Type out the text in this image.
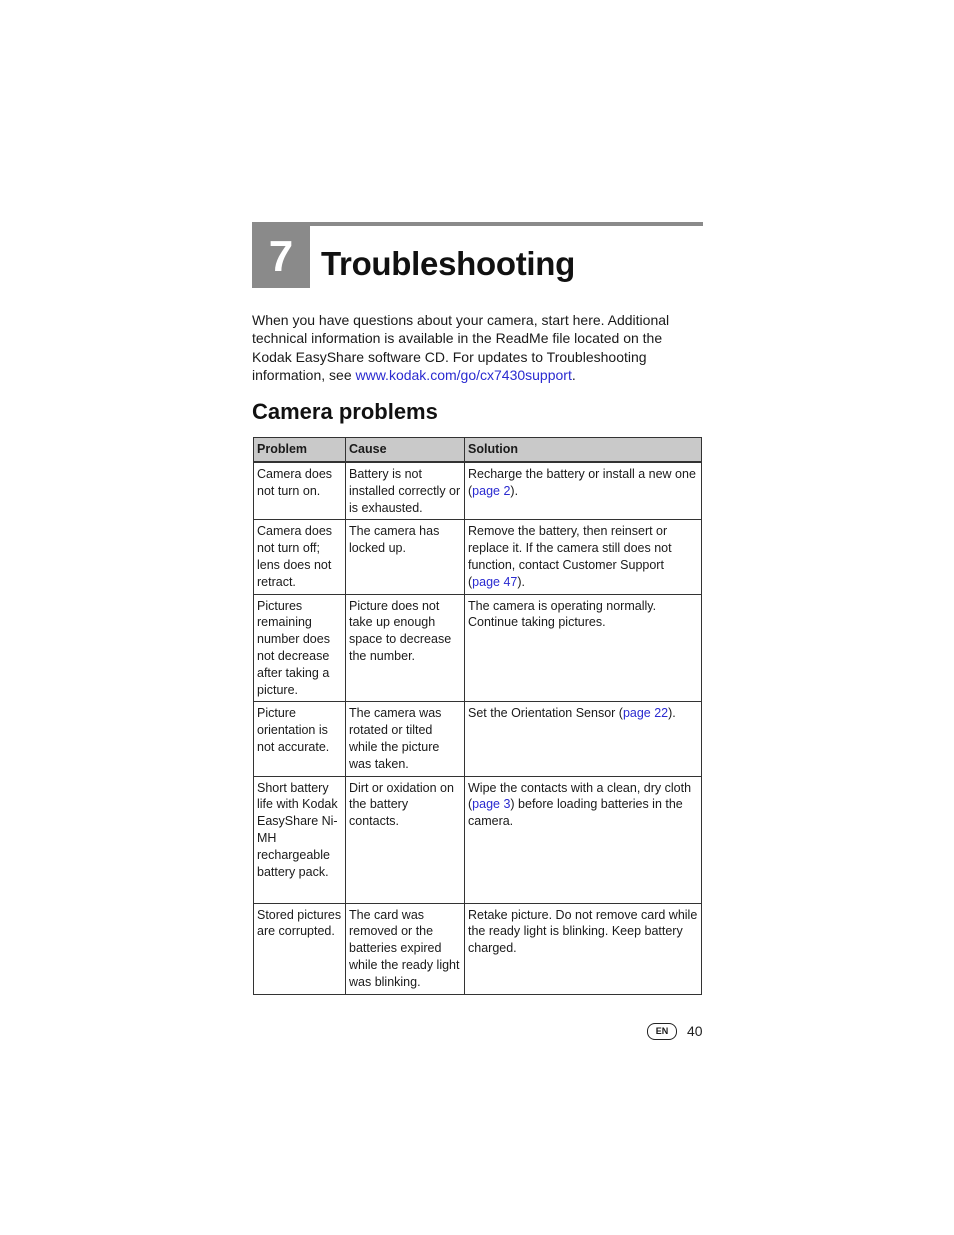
7 Troubleshooting
When you have questions about your camera, start here. Additional technical information is available in the ReadMe file located on the Kodak EasyShare software CD. For updates to Troubleshooting information, see www.kodak.com/go/cx7430support.
Camera problems
Problem	Cause	Solution
Camera does not turn on.	Battery is not installed correctly or is exhausted.	Recharge the battery or install a new one (page 2).
Camera does not turn off; lens does not retract.	The camera has locked up.	Remove the battery, then reinsert or replace it. If the camera still does not function, contact Customer Support (page 47).
Pictures remaining number does not decrease after taking a picture.	Picture does not take up enough space to decrease the number.	The camera is operating normally. Continue taking pictures.
Picture orientation is not accurate.	The camera was rotated or tilted while the picture was taken.	Set the Orientation Sensor (page 22).
Short battery life with Kodak EasyShare Ni-MH rechargeable battery pack.	Dirt or oxidation on the battery contacts.	Wipe the contacts with a clean, dry cloth (page 3) before loading batteries in the camera.
Stored pictures are corrupted.	The card was removed or the batteries expired while the ready light was blinking.	Retake picture. Do not remove card while the ready light is blinking. Keep battery charged.
EN	40
